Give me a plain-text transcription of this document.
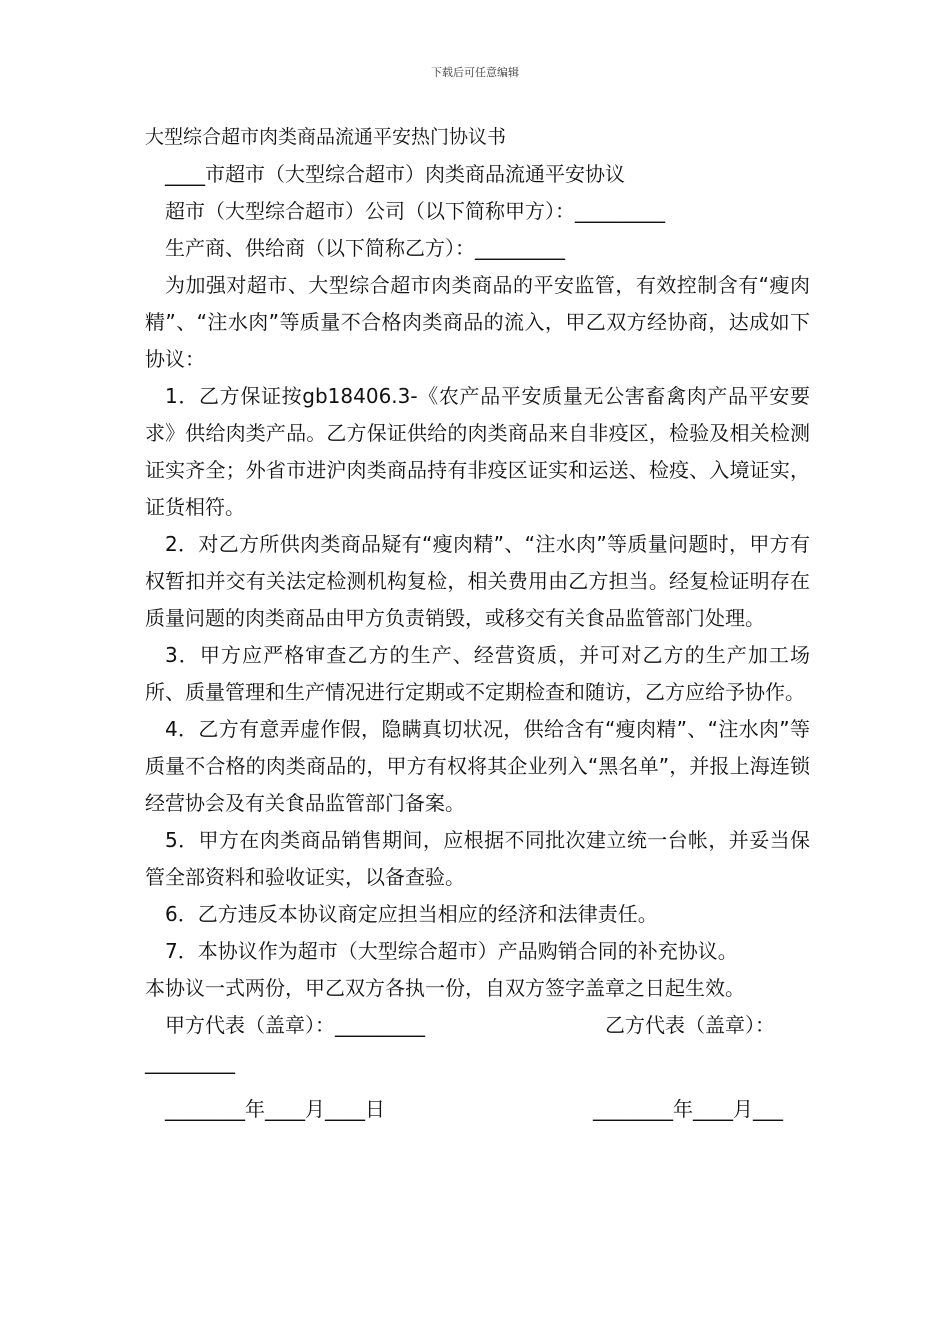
下载后可任意编辑

大型综合超市肉类商品流通平安热门协议书

____市超市（大型综合超市）肉类商品流通平安协议

超市（大型综合超市）公司（以下简称甲方）：_________

生产商、供给商（以下简称乙方）：_________

为加强对超市、大型综合超市肉类商品的平安监管，有效控制含有“瘦肉精”、“注水肉”等质量不合格肉类商品的流入，甲乙双方经协商，达成如下协议：

1．乙方保证按gb18406.3-《农产品平安质量无公害畜禽肉产品平安要求》供给肉类产品。乙方保证供给的肉类商品来自非疫区，检验及相关检测证实齐全；外省市进沪肉类商品持有非疫区证实和运送、检疫、入境证实，证货相符。

2．对乙方所供肉类商品疑有“瘦肉精”、“注水肉”等质量问题时，甲方有权暂扣并交有关法定检测机构复检，相关费用由乙方担当。经复检证明存在质量问题的肉类商品由甲方负责销毁，或移交有关食品监管部门处理。

3．甲方应严格审查乙方的生产、经营资质，并可对乙方的生产加工场所、质量管理和生产情况进行定期或不定期检查和随访，乙方应给予协作。

4．乙方有意弄虚作假，隐瞒真切状况，供给含有“瘦肉精”、“注水肉”等质量不合格的肉类商品的，甲方有权将其企业列入“黑名单”，并报上海连锁经营协会及有关食品监管部门备案。

5．甲方在肉类商品销售期间，应根据不同批次建立统一台帐，并妥当保管全部资料和验收证实，以备查验。

6．乙方违反本协议商定应担当相应的经济和法律责任。

7．本协议作为超市（大型综合超市）产品购销合同的补充协议。

本协议一式两份，甲乙双方各执一份，自双方签字盖章之日起生效。

甲方代表（盖章）：_________	乙方代表（盖章）：

_________

________年____月____日	________年____月___
